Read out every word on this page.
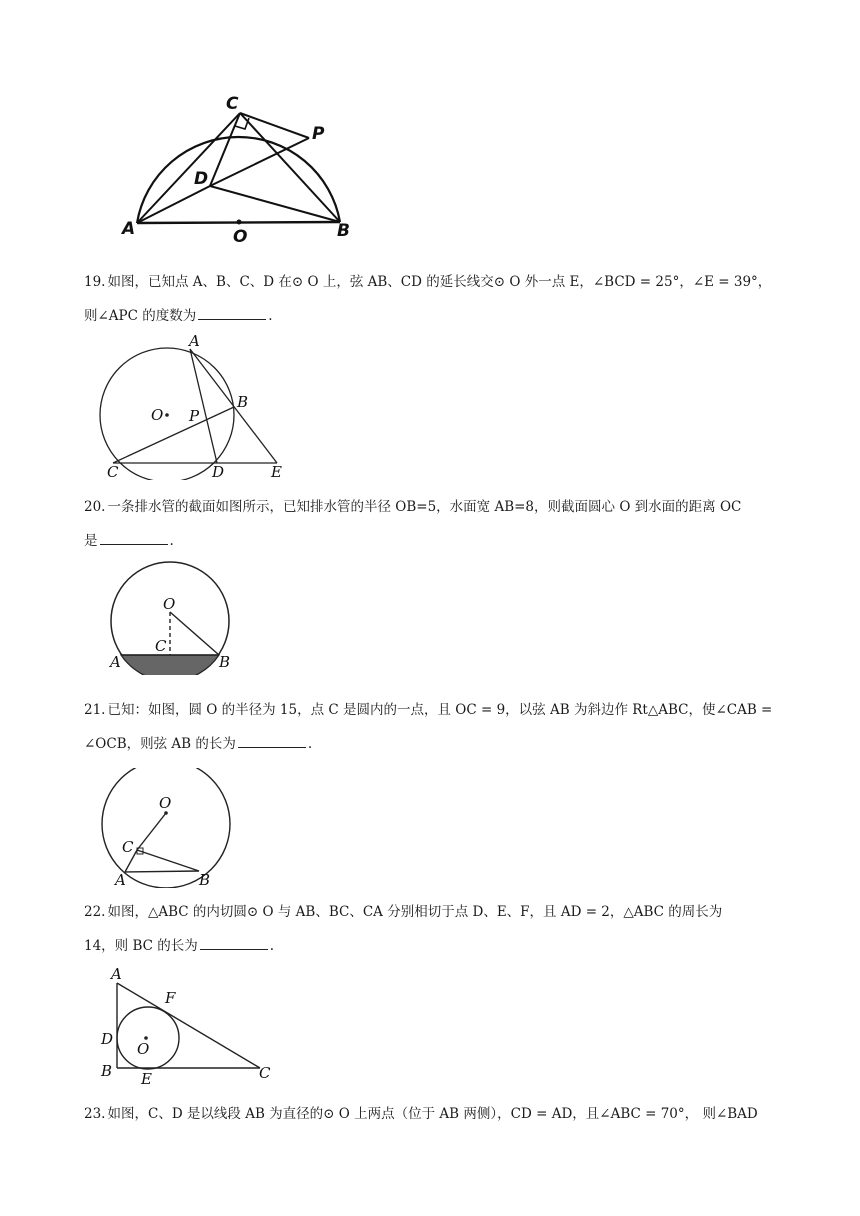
C
P
D
A	O	B
19. 如图，已知点 A、B、C、D 在⊙ O 上，弦 AB、CD 的延长线交⊙ O 外一点 E，∠BCD = 25°，∠E = 39°，
则∠APC 的度数为	.
A
O P
B
C	D	E
20. 一条排水管的截面如图所示，已知排水管的半径 OB=5，水面宽 AB=8，则截面圆心 O 到水面的距离 OC
是	.
O
C
A	B
21. 已知：如图，圆 O 的半径为 15，点 C 是圆内的一点，且 OC = 9，以弦 AB 为斜边作 Rt△ABC，使∠CAB =
∠OCB，则弦 AB 的长为	.
O
C
A	B
22. 如图，△ABC 的内切圆⊙ O 与 AB、BC、CA 分别相切于点 D、E、F，且 AD = 2，△ABC 的周长为
14，则 BC 的长为	.
A
F
D
O
B E	C
23. 如图，C、D 是以线段 AB 为直径的⊙ O 上两点（位于 AB 两侧），CD = AD，且∠ABC = 70°， 则∠BAD
